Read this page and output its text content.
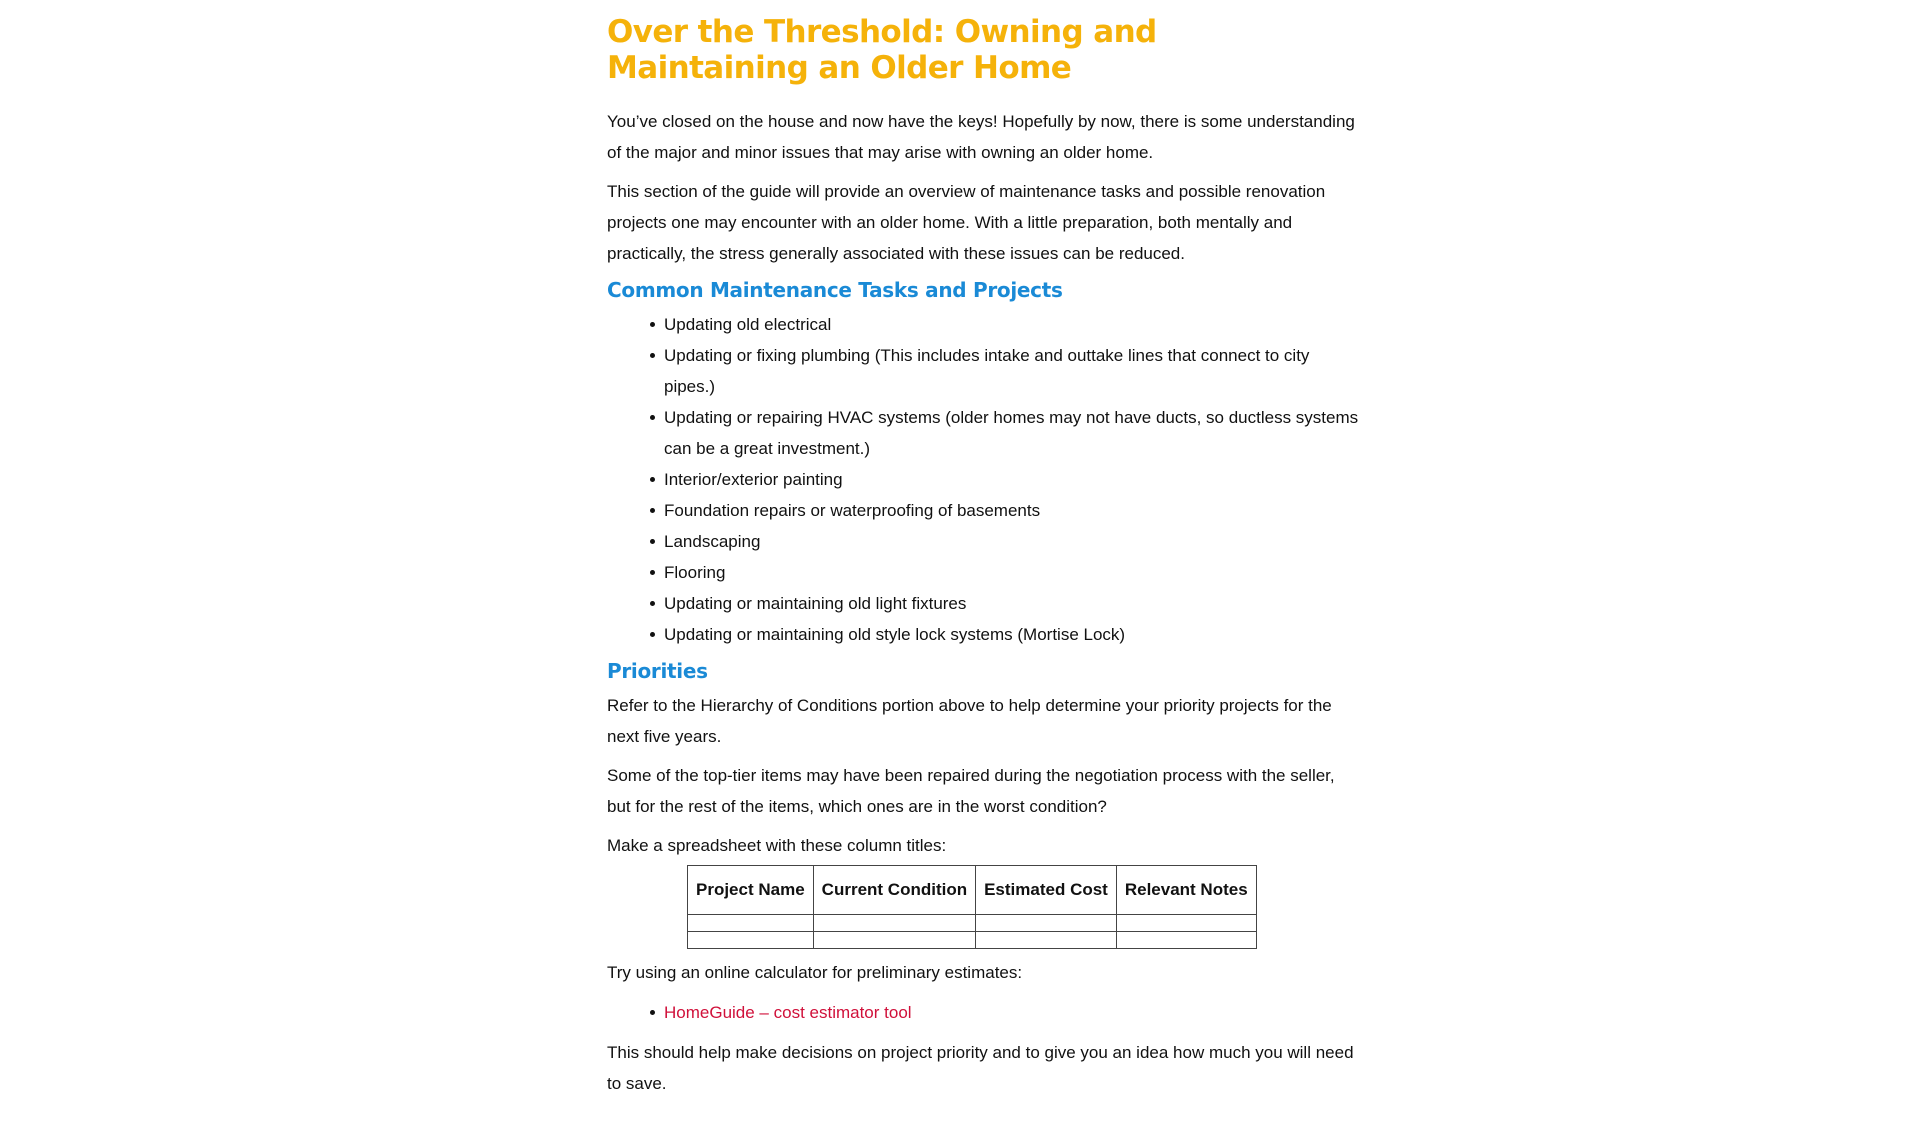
Over the Threshold: Owning and Maintaining an Older Home

You’ve closed on the house and now have the keys! Hopefully by now, there is some understanding of the major and minor issues that may arise with owning an older home.

This section of the guide will provide an overview of maintenance tasks and possible renovation projects one may encounter with an older home. With a little preparation, both mentally and practically, the stress generally associated with these issues can be reduced.

Common Maintenance Tasks and Projects
Updating old electrical
Updating or fixing plumbing (This includes intake and outtake lines that connect to city pipes.)
Updating or repairing HVAC systems (older homes may not have ducts, so ductless systems can be a great investment.)
Interior/exterior painting
Foundation repairs or waterproofing of basements
Landscaping
Flooring
Updating or maintaining old light fixtures
Updating or maintaining old style lock systems (Mortise Lock)
Priorities

Refer to the Hierarchy of Conditions portion above to help determine your priority projects for the next five years.

Some of the top-tier items may have been repaired during the negotiation process with the seller, but for the rest of the items, which ones are in the worst condition?

Make a spreadsheet with these column titles:

Project Name	Current Condition	Estimated Cost	Relevant Notes

Try using an online calculator for preliminary estimates:

HomeGuide – cost estimator tool

This should help make decisions on project priority and to give you an idea how much you will need to save.
